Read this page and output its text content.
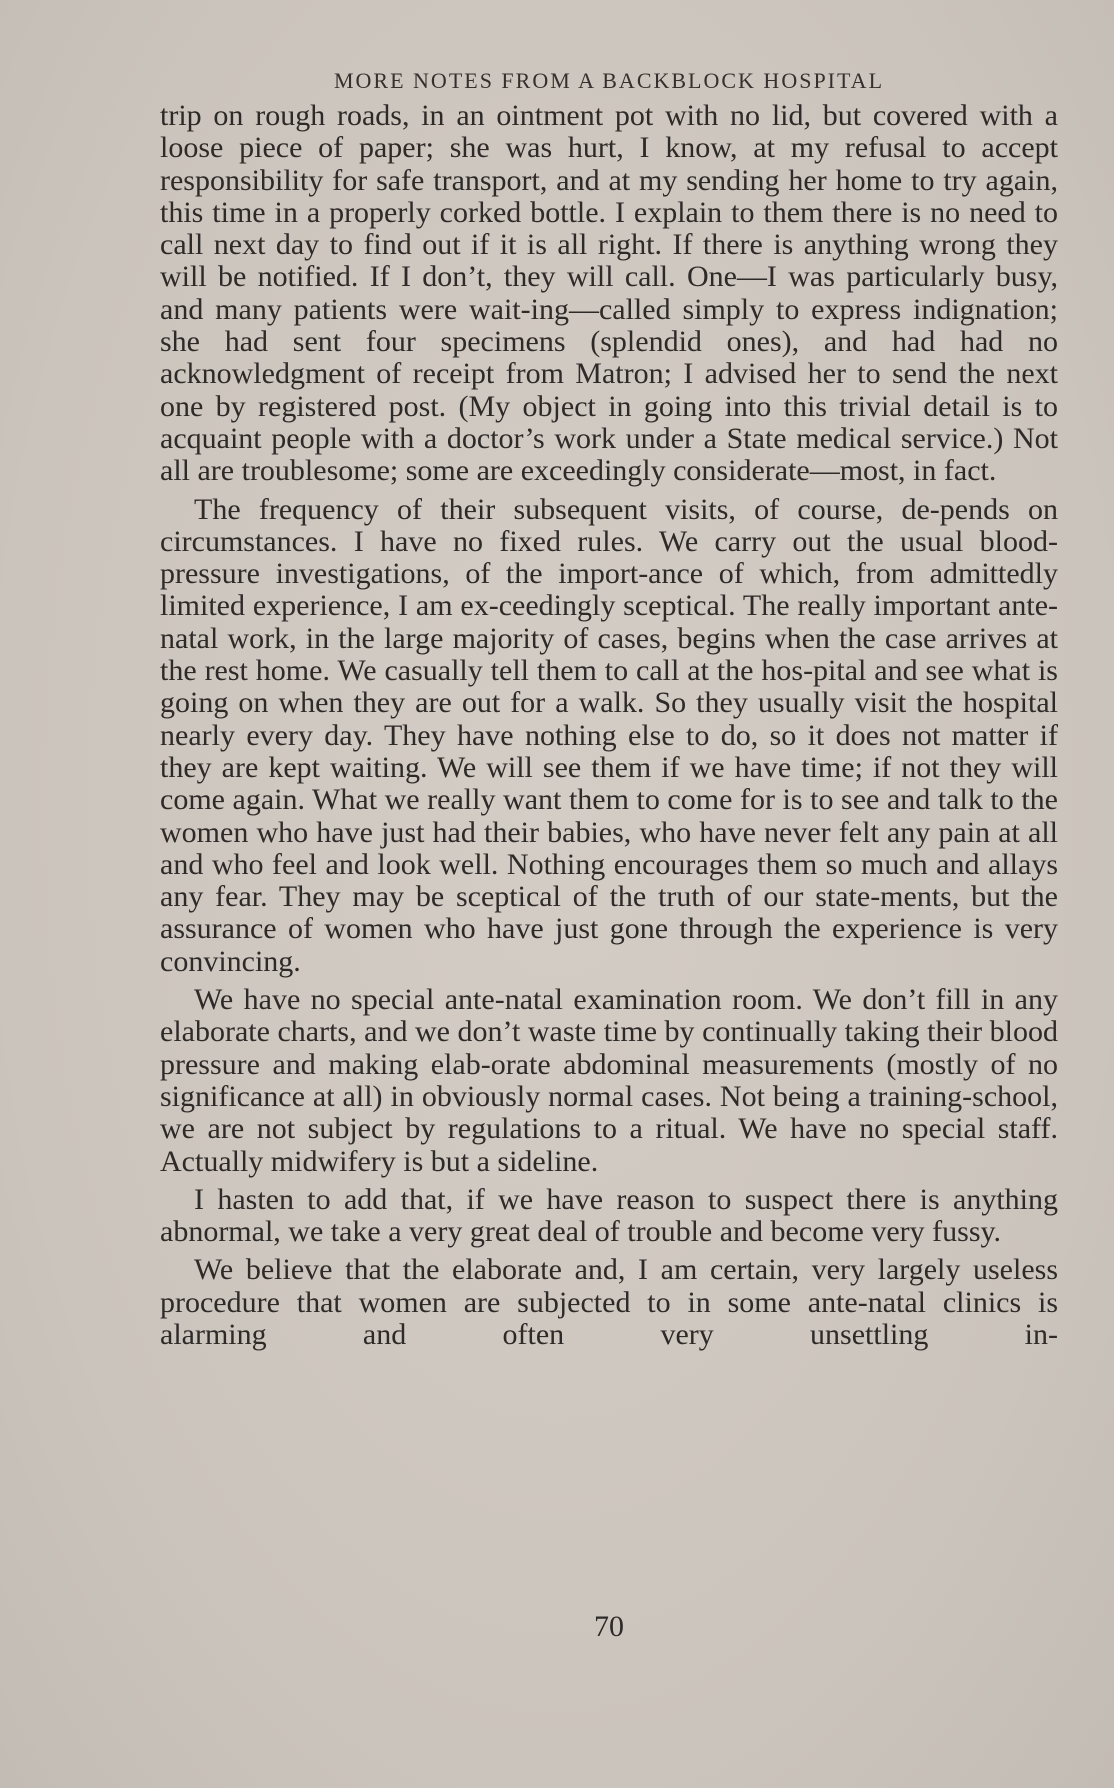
MORE NOTES FROM A BACKBLOCK HOSPITAL

trip on rough roads, in an ointment pot with no lid, but covered with a loose piece of paper; she was hurt, I know, at my refusal to accept responsibility for safe transport, and at my sending her home to try again, this time in a properly corked bottle. I explain to them there is no need to call next day to find out if it is all right. If there is anything wrong they will be notified. If I don’t, they will call. One—I was particularly busy, and many patients were wait-ing—called simply to express indignation; she had sent four specimens (splendid ones), and had had no acknowledgment of receipt from Matron; I advised her to send the next one by registered post. (My object in going into this trivial detail is to acquaint people with a doctor’s work under a State medical service.) Not all are troublesome; some are exceedingly considerate—most, in fact.

The frequency of their subsequent visits, of course, de-pends on circumstances. I have no fixed rules. We carry out the usual blood-pressure investigations, of the import-ance of which, from admittedly limited experience, I am ex-ceedingly sceptical. The really important ante-natal work, in the large majority of cases, begins when the case arrives at the rest home. We casually tell them to call at the hos-pital and see what is going on when they are out for a walk. So they usually visit the hospital nearly every day. They have nothing else to do, so it does not matter if they are kept waiting. We will see them if we have time; if not they will come again. What we really want them to come for is to see and talk to the women who have just had their babies, who have never felt any pain at all and who feel and look well. Nothing encourages them so much and allays any fear. They may be sceptical of the truth of our state-ments, but the assurance of women who have just gone through the experience is very convincing.

We have no special ante-natal examination room. We don’t fill in any elaborate charts, and we don’t waste time by continually taking their blood pressure and making elab-orate abdominal measurements (mostly of no significance at all) in obviously normal cases. Not being a training-school, we are not subject by regulations to a ritual. We have no special staff. Actually midwifery is but a sideline.

I hasten to add that, if we have reason to suspect there is anything abnormal, we take a very great deal of trouble and become very fussy.

We believe that the elaborate and, I am certain, very largely useless procedure that women are subjected to in some ante-natal clinics is alarming and often very unsettling in-

70
